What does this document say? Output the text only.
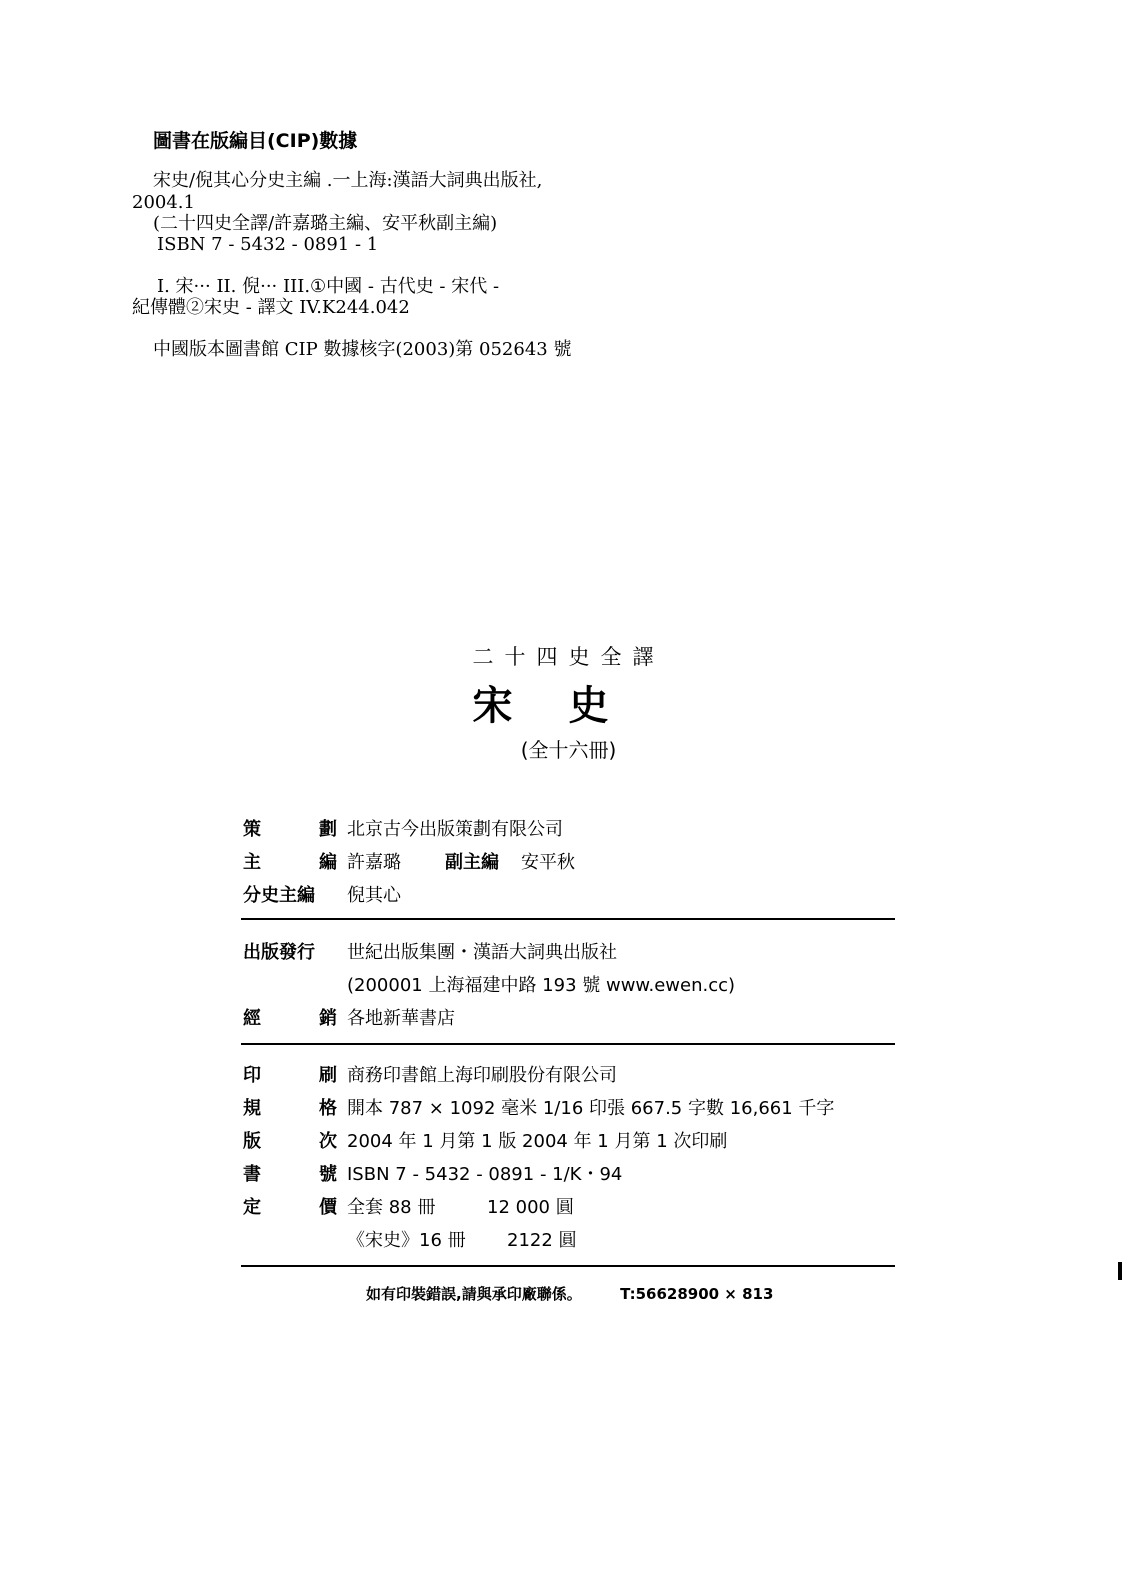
圖書在版編目(CIP)數據
宋史/倪其心分史主編 .一上海:漢語大詞典出版社,
2004.1
(二十四史全譯/許嘉璐主編、安平秋副主編)
ISBN 7 - 5432 - 0891 - 1
I. 宋··· II. 倪··· III.①中國 - 古代史 - 宋代 -
紀傳體②宋史 - 譯文 IV.K244.042
中國版本圖書館 CIP 數據核字(2003)第 052643 號
二十四史全譯
宋史
(全十六冊)
策	劃 北京古今出版策劃有限公司
主	編 許嘉璐 副主編 安平秋
分史主編	倪其心
出版發行	世紀出版集團・漢語大詞典出版社
(200001 上海福建中路 193 號 www.ewen.cc)
經	銷 各地新華書店
印	刷 商務印書館上海印刷股份有限公司
規	格 開本 787 × 1092 毫米 1/16 印張 667.5 字數 16,661 千字
版	次 2004 年 1 月第 1 版 2004 年 1 月第 1 次印刷
書	號 ISBN 7 - 5432 - 0891 - 1/K・94
定	價 全套 88 冊	12 000 圓
《宋史》16 冊	2122 圓
如有印裝錯誤,請與承印廠聯係。	T:56628900 × 813
